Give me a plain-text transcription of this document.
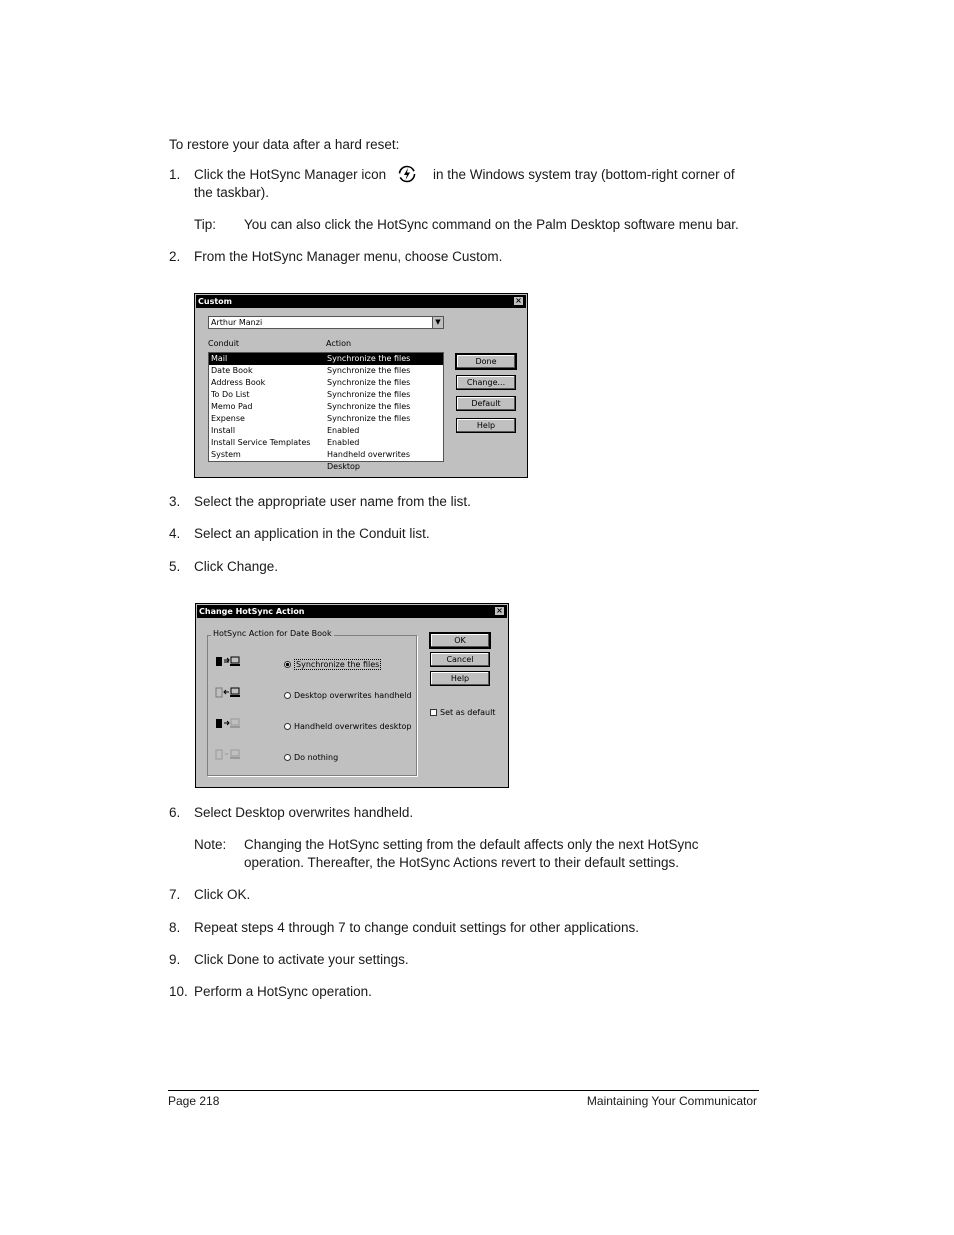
To restore your data after a hard reset:
1.	Click the HotSync Manager icon	in the Windows system tray (bottom-right corner of
the taskbar).
Tip: You can also click the HotSync command on the Palm Desktop software menu bar.
2.	From the HotSync Manager menu, choose Custom.
Custom	×
Arthur Manzi	▼
Conduit	Action
Mail	Synchronize the files
Date Book	Synchronize the files
Address Book	Synchronize the files
To Do List	Synchronize the files
Memo Pad	Synchronize the files
Expense	Synchronize the files
Install	Enabled
Install Service Templates Enabled
System	Handheld overwrites Desktop
Done
Change...
Default
Help
3.	Select the appropriate user name from the list.
4.	Select an application in the Conduit list.
5.	Click Change.
Change HotSync Action	×
HotSync Action for Date Book
Synchronize the files
Desktop overwrites handheld
Handheld overwrites desktop
Do nothing
OK
Cancel
Help
Set as default
6.	Select Desktop overwrites handheld.
Note: Changing the HotSync setting from the default affects only the next HotSync
operation. Thereafter, the HotSync Actions revert to their default settings.
7.	Click OK.
8.	Repeat steps 4 through 7 to change conduit settings for other applications.
9.	Click Done to activate your settings.
10. Perform a HotSync operation.
Page 218	Maintaining Your Communicator
